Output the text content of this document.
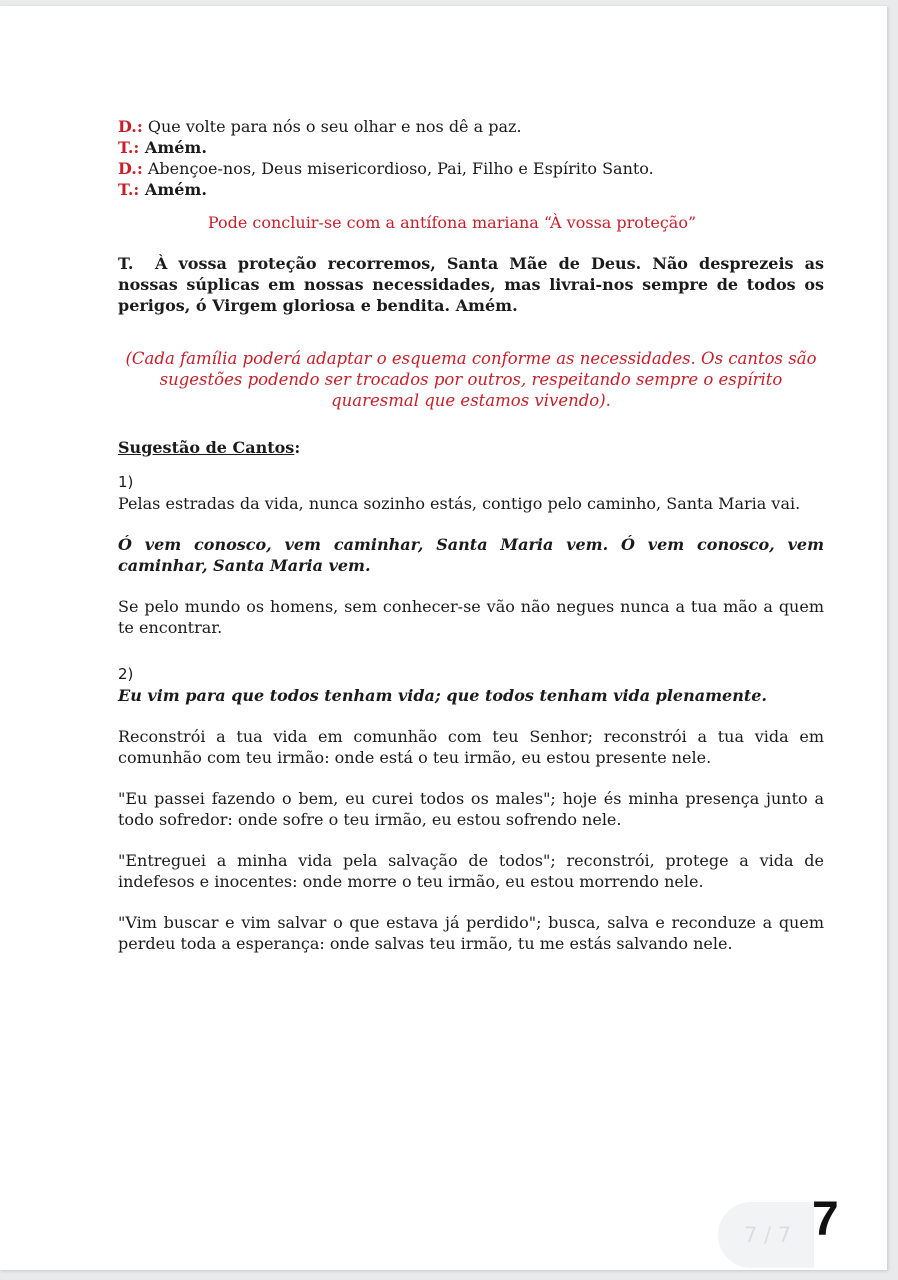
D.: Que volte para nós o seu olhar e nos dê a paz.
T.: Amém.
D.: Abençoe-nos, Deus misericordioso, Pai, Filho e Espírito Santo.
T.: Amém.
Pode concluir-se com a antífona mariana “À vossa proteção”
T. À vossa proteção recorremos, Santa Mãe de Deus. Não desprezeis as nossas súplicas em nossas necessidades, mas livrai-nos sempre de todos os perigos, ó Virgem gloriosa e bendita. Amém.
(Cada família poderá adaptar o esquema conforme as necessidades. Os cantos são sugestões podendo ser trocados por outros, respeitando sempre o espírito quaresmal que estamos vivendo).
Sugestão de Cantos:
1)
Pelas estradas da vida, nunca sozinho estás, contigo pelo caminho, Santa Maria vai.
Ó vem conosco, vem caminhar, Santa Maria vem. Ó vem conosco, vem caminhar, Santa Maria vem.
Se pelo mundo os homens, sem conhecer-se vão não negues nunca a tua mão a quem te encontrar.
2)
Eu vim para que todos tenham vida; que todos tenham vida plenamente.
Reconstrói a tua vida em comunhão com teu Senhor; reconstrói a tua vida em comunhão com teu irmão: onde está o teu irmão, eu estou presente nele.
"Eu passei fazendo o bem, eu curei todos os males"; hoje és minha presença junto a todo sofredor: onde sofre o teu irmão, eu estou sofrendo nele.
"Entreguei a minha vida pela salvação de todos"; reconstrói, protege a vida de indefesos e inocentes: onde morre o teu irmão, eu estou morrendo nele.
"Vim buscar e vim salvar o que estava já perdido"; busca, salva e reconduze a quem perdeu toda a esperança: onde salvas teu irmão, tu me estás salvando nele.
7 / 7 7
